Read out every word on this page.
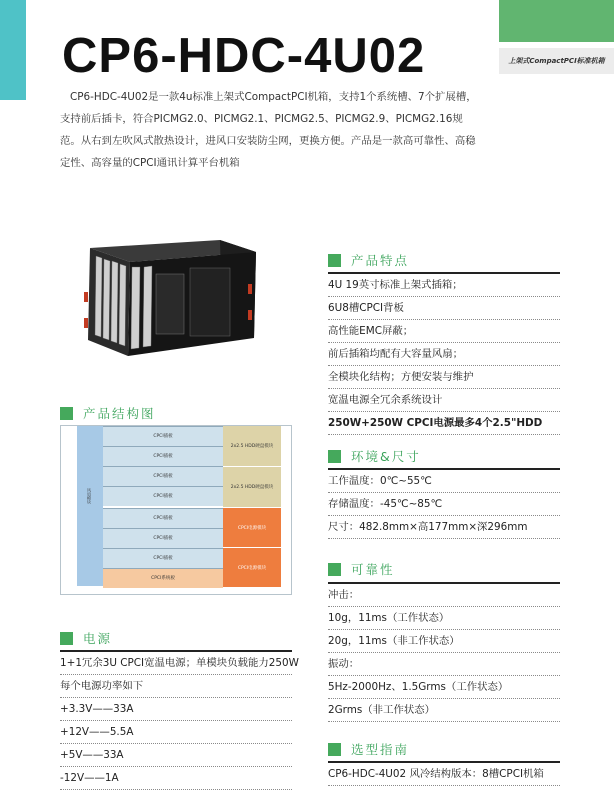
上架式CompactPCI标准机箱
CP6-HDC-4U02
CP6-HDC-4U02是一款4u标准上架式CompactPCI机箱，支持1个系统槽、7个扩展槽，支持前后插卡，符合PICMG2.0、PICMG2.1、PICMG2.5、PICMG2.9、PICMG2.16规范。从右到左吹风式散热设计，进风口安装防尘网，更换方便。产品是一款高可靠性、高稳定性、高容量的CPCI通讯计算平台机箱
产品结构图
风扇模块
CPCI插板
CPCI插板
CPCI插板
CPCI插板
CPCI插板
CPCI插板
CPCI插板
CPCI系统板
2x2.5 HDD硬盘模块
2x2.5 HDD硬盘模块
CPCI电源模块
CPCI电源模块
电源
1+1冗余3U CPCI宽温电源；单模块负载能力250W
每个电源功率如下
+3.3V——33A
+12V——5.5A
+5V——33A
-12V——1A
产品特点
4U 19英寸标准上架式插箱；
6U8槽CPCI背板
高性能EMC屏蔽；
前后插箱均配有大容量风扇；
全模块化结构；方便安装与维护
宽温电源全冗余系统设计
250W+250W CPCI电源最多4个2.5"HDD
环境&尺寸
工作温度：0℃~55℃
存储温度：-45℃~85℃
尺寸：482.8mm×高177mm×深296mm
可靠性
冲击：
10g，11ms（工作状态）
20g，11ms（非工作状态）
振动：
5Hz-2000Hz、1.5Grms（工作状态）
2Grms（非工作状态）
选型指南
CP6-HDC-4U02 风冷结构版本：8槽CPCI机箱
